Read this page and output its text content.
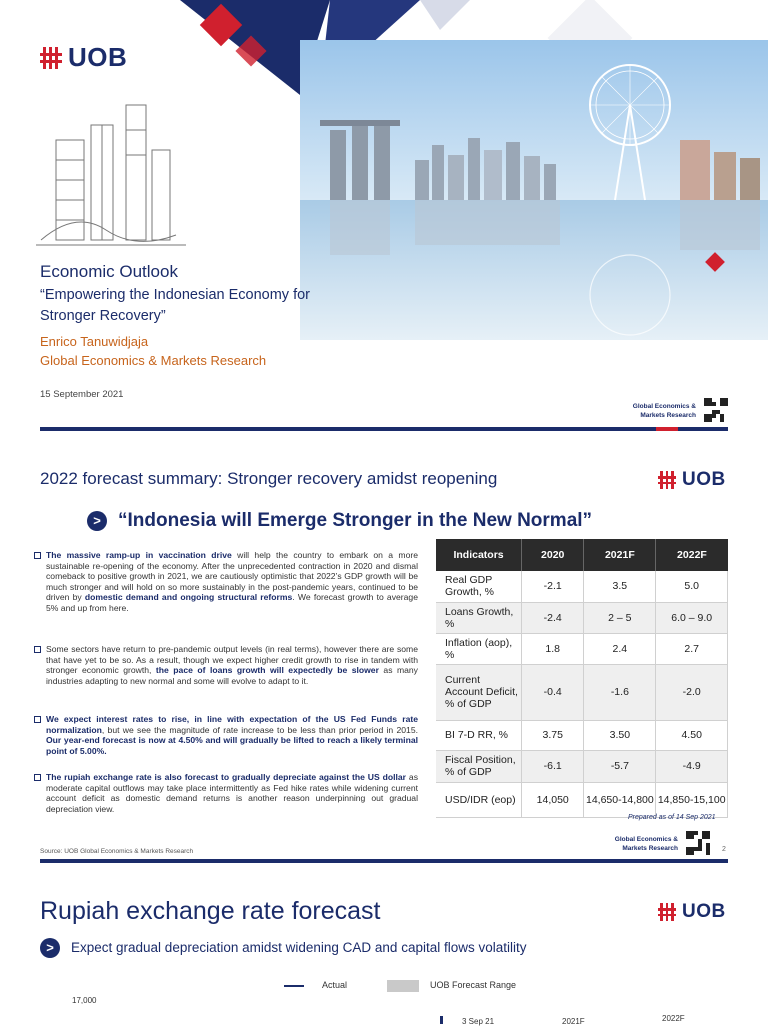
UOB
Economic Outlook
“Empowering the Indonesian Economy for
Stronger Recovery”
Enrico Tanuwidjaja
Global Economics & Markets Research
15 September 2021
Global Economics &
Markets Research
2022 forecast summary: Stronger recovery amidst reopening	UOB
> “Indonesia will Emerge Stronger in the New Normal”
The massive ramp-up in vaccination drive will help the country to embark on a more sustainable re-opening of the economy. After the unprecedented contraction in 2020 and dismal comeback to positive growth in 2021, we are cautiously optimistic that 2022’s GDP growth will be much stronger and will hold on so more sustainably in the post-pandemic years, continued to be driven by domestic demand and ongoing structural reforms. We forecast growth to average 5% and up from here.
Some sectors have return to pre-pandemic output levels (in real terms), however there are some that have yet to be so. As a result, though we expect higher credit growth to rise in tandem with stronger economic growth, the pace of loans growth will expectedly be slower as many industries adapting to new normal and some will evolve to adapt to it.
We expect interest rates to rise, in line with expectation of the US Fed Funds rate normalization, but we see the magnitude of rate increase to be less than prior period in 2015. Our year-end forecast is now at 4.50% and will gradually be lifted to reach a likely terminal point of 5.00%.
The rupiah exchange rate is also forecast to gradually depreciate against the US dollar as moderate capital outflows may take place intermittently as Fed hike rates while widening current account deficit as domestic demand returns is another reason underpinning out gradual depreciation view.
Source: UOB Global Economics & Markets Research
Global Economics &
Markets Research	2
Indicators	2020	2021F	2022F
Real GDP Growth, %	-2.1	3.5	5.0
Loans Growth, %	-2.4	2 – 5	6.0 – 9.0
Inflation (aop), %	1.8	2.4	2.7
Current Account Deficit, % of GDP	-0.4	-1.6	-2.0
BI 7-D RR, %	3.75	3.50	4.50
Fiscal Position, % of GDP	-6.1	-5.7	-4.9
USD/IDR (eop)	14,050	14,650-14,800	14,850-15,100
Prepared as of 14 Sep 2021
Rupiah exchange rate forecast	UOB
>	Expect gradual depreciation amidst widening CAD and capital flows volatility
Actual	UOB Forecast Range
17,000
3 Sep 21	2021F	2022F
